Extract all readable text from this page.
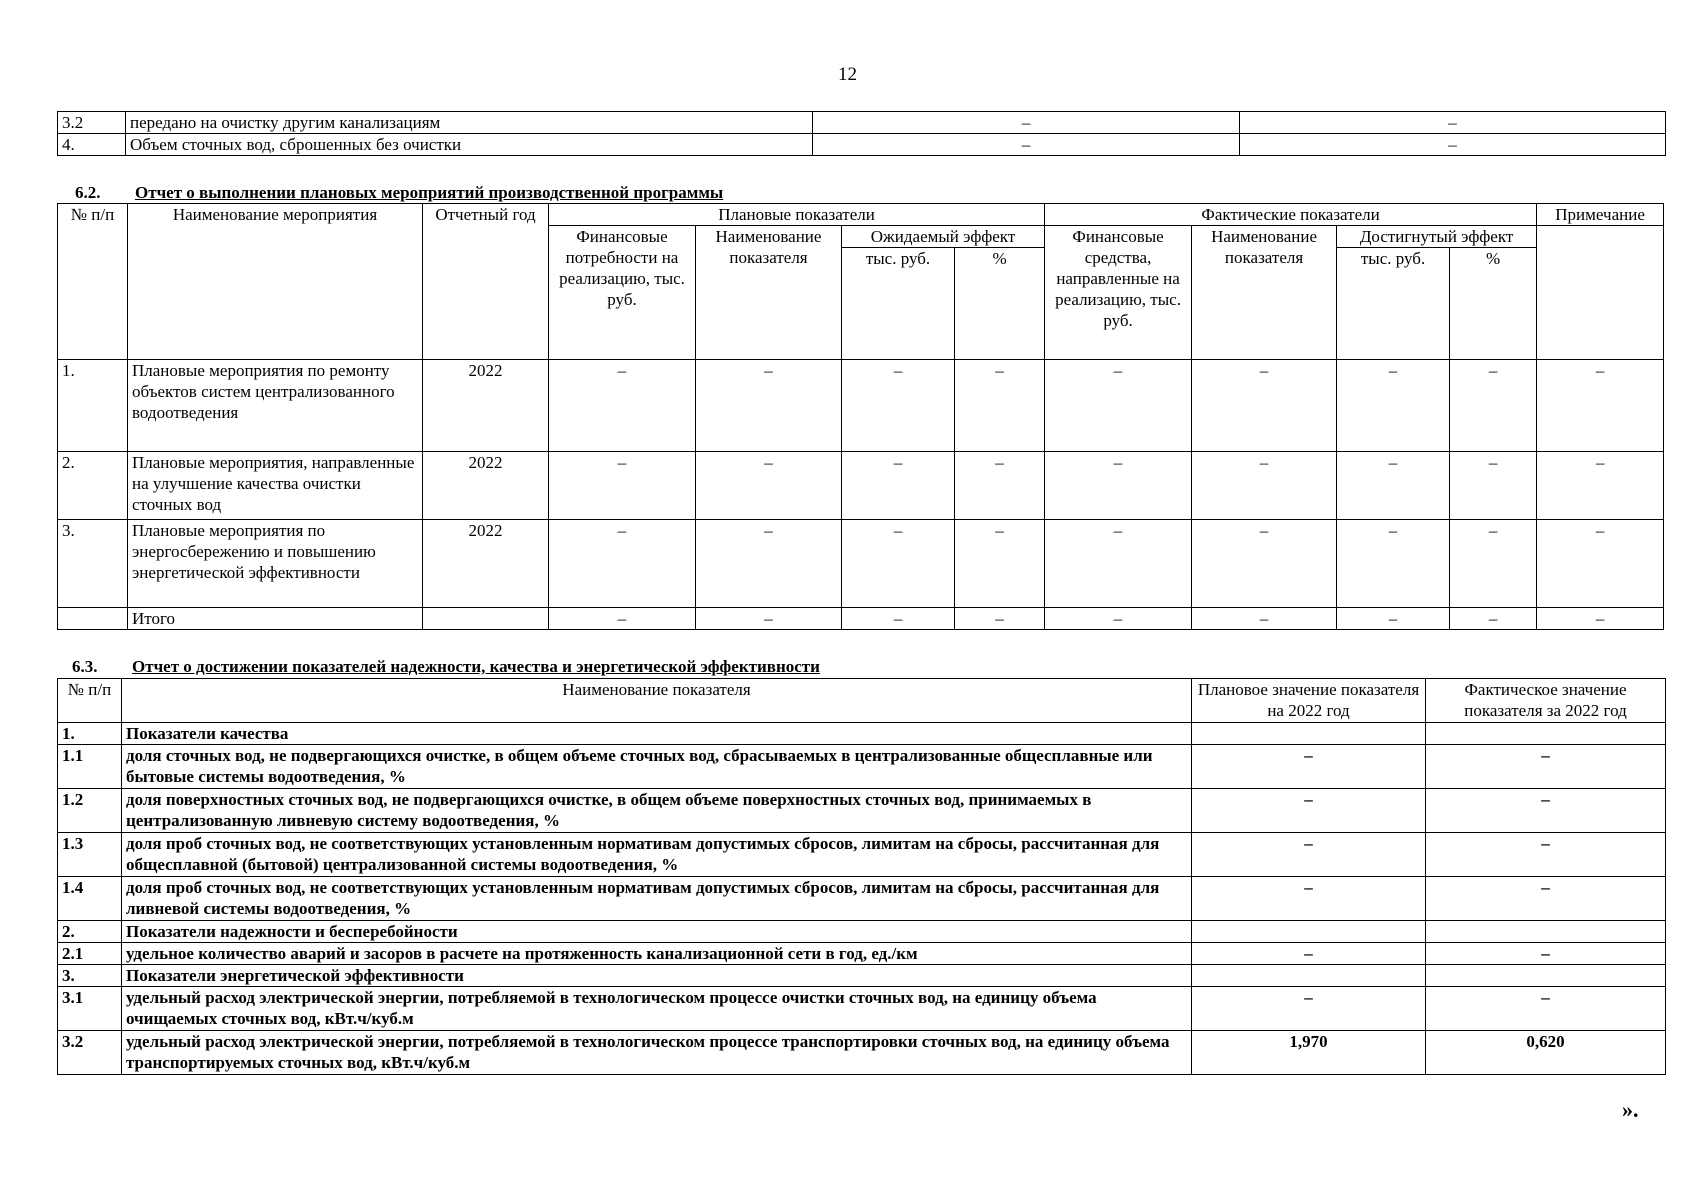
12
3.2	передано на очистку другим канализациям	–	–
4.	Объем сточных вод, сброшенных без очистки	–	–
6.2. Отчет о выполнении плановых мероприятий производственной программы
№ п/п	Наименование мероприятия	Отчетный год	Плановые показатели				Фактические показатели				Примечание
			Финансовые потребности на реализацию, тыс. руб.	Наименование показателя	Ожидаемый эффект		Финансовые средства, направленные на реализацию, тыс. руб.	Наименование показателя	Достигнутый эффект		
					тыс. руб.	%			тыс. руб.	%	
1.	Плановые мероприятия по ремонту объектов систем централизованного водоотведения	2022	–	–	–	–	–	–	–	–	–
2.	Плановые мероприятия, направленные на улучшение качества очистки сточных вод	2022	–	–	–	–	–	–	–	–	–
3.	Плановые мероприятия по энергосбережению и повышению энергетической эффективности	2022	–	–	–	–	–	–	–	–	–
	Итого		–	–	–	–	–	–	–	–	–
6.3. Отчет о достижении показателей надежности, качества и энергетической эффективности
№ п/п	Наименование показателя	Плановое значение показателя на 2022 год	Фактическое значение показателя за 2022 год
1.	Показатели качества		
1.1	доля сточных вод, не подвергающихся очистке, в общем объеме сточных вод, сбрасываемых в централизованные общесплавные или бытовые системы водоотведения, %	–	–
1.2	доля поверхностных сточных вод, не подвергающихся очистке, в общем объеме поверхностных сточных вод, принимаемых в централизованную ливневую систему водоотведения, %	–	–
1.3	доля проб сточных вод, не соответствующих установленным нормативам допустимых сбросов, лимитам на сбросы, рассчитанная для общесплавной (бытовой) централизованной системы водоотведения, %	–	–
1.4	доля проб сточных вод, не соответствующих установленным нормативам допустимых сбросов, лимитам на сбросы, рассчитанная для ливневой системы водоотведения, %	–	–
2.	Показатели надежности и бесперебойности		
2.1	удельное количество аварий и засоров в расчете на протяженность канализационной сети в год, ед./км	–	–
3.	Показатели энергетической эффективности		
3.1	удельный расход электрической энергии, потребляемой в технологическом процессе очистки сточных вод, на единицу объема очищаемых сточных вод, кВт.ч/куб.м	–	–
3.2	удельный расход электрической энергии, потребляемой в технологическом процессе транспортировки сточных вод, на единицу объема транспортируемых сточных вод, кВт.ч/куб.м	1,970	0,620
».
